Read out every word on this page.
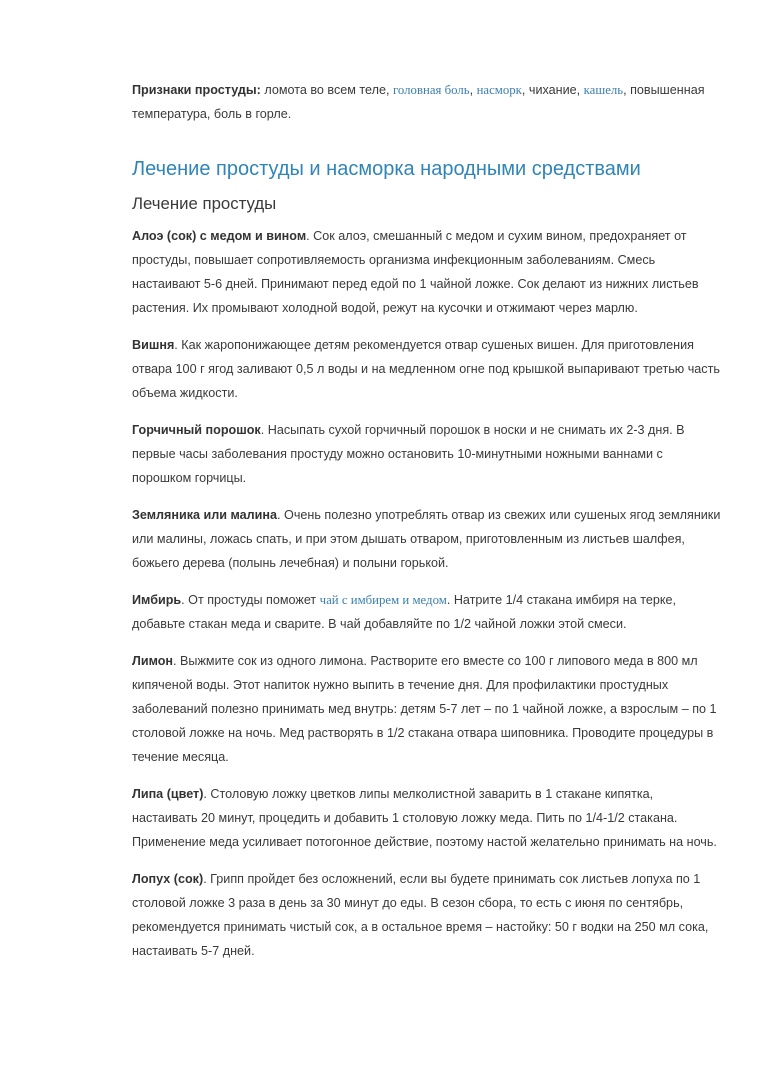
Признаки простуды: ломота во всем теле, головная боль, насморк, чихание, кашель, повышенная температура, боль в горле.

Лечение простуды и насморка народными средствами
Лечение простуды

Алоэ (сок) с медом и вином. Сок алоэ, смешанный с медом и сухим вином, предохраняет от простуды, повышает сопротивляемость организма инфекционным заболеваниям. Смесь настаивают 5-6 дней. Принимают перед едой по 1 чайной ложке. Сок делают из нижних листьев растения. Их промывают холодной водой, режут на кусочки и отжимают через марлю.

Вишня. Как жаропонижающее детям рекомендуется отвар сушеных вишен. Для приготовления отвара 100 г ягод заливают 0,5 л воды и на медленном огне под крышкой выпаривают третью часть объема жидкости.

Горчичный порошок. Насыпать сухой горчичный порошок в носки и не снимать их 2-3 дня. В первые часы заболевания простуду можно остановить 10-минутными ножными ваннами с порошком горчицы.

Земляника или малина. Очень полезно употреблять отвар из свежих или сушеных ягод земляники или малины, ложась спать, и при этом дышать отваром, приготовленным из листьев шалфея, божьего дерева (полынь лечебная) и полыни горькой.

Имбирь. От простуды поможет чай с имбирем и медом. Натрите 1/4 стакана имбиря на терке, добавьте стакан меда и сварите. В чай добавляйте по 1/2 чайной ложки этой смеси.

Лимон. Выжмите сок из одного лимона. Растворите его вместе со 100 г липового меда в 800 мл кипяченой воды. Этот напиток нужно выпить в течение дня. Для профилактики простудных заболеваний полезно принимать мед внутрь: детям 5-7 лет – по 1 чайной ложке, а взрослым – по 1 столовой ложке на ночь. Мед растворять в 1/2 стакана отвара шиповника. Проводите процедуры в течение месяца.

Липа (цвет). Столовую ложку цветков липы мелколистной заварить в 1 стакане кипятка, настаивать 20 минут, процедить и добавить 1 столовую ложку меда. Пить по 1/4-1/2 стакана. Применение меда усиливает потогонное действие, поэтому настой желательно принимать на ночь.

Лопух (сок). Грипп пройдет без осложнений, если вы будете принимать сок листьев лопуха по 1 столовой ложке 3 раза в день за 30 минут до еды. В сезон сбора, то есть с июня по сентябрь, рекомендуется принимать чистый сок, а в остальное время – настойку: 50 г водки на 250 мл сока, настаивать 5-7 дней.
